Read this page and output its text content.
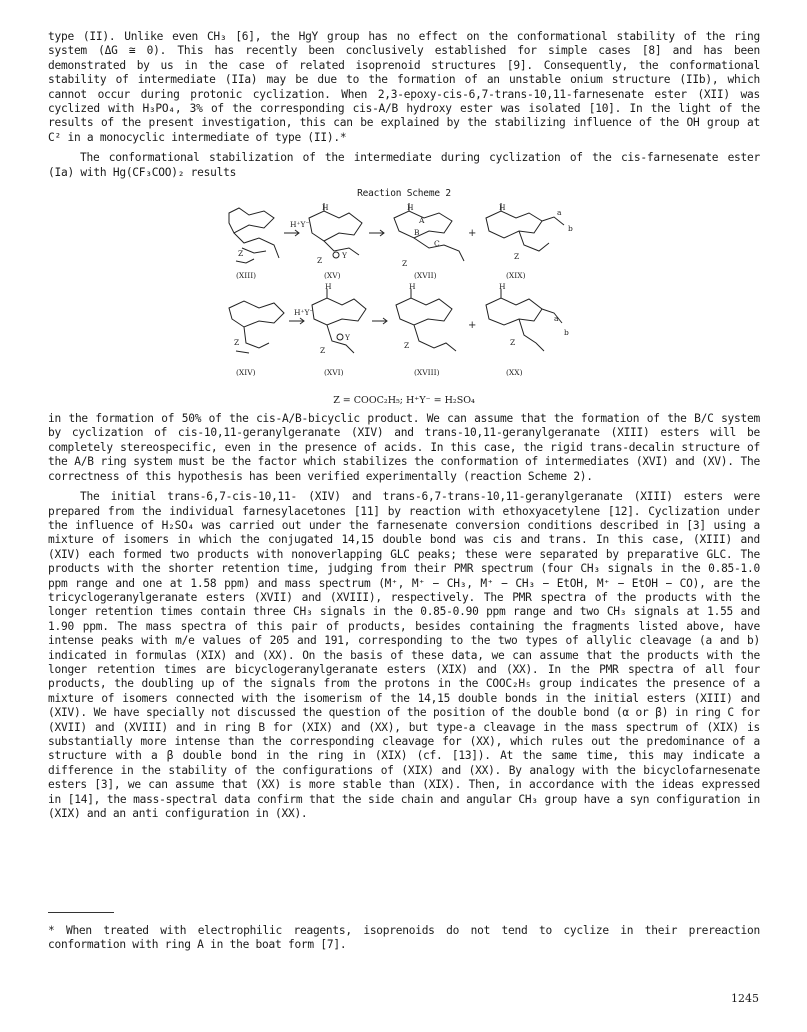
type (II). Unlike even CH₃ [6], the HgY group has no effect on the conformational stability of the ring system (ΔG ≅ 0). This has recently been conclusively established for simple cases [8] and has been demonstrated by us in the case of related isoprenoid structures [9]. Consequently, the conformational stability of intermediate (IIa) may be due to the formation of an unstable onium structure (IIb), which cannot occur during protonic cyclization. When 2,3-epoxy-cis-6,7-trans-10,11-farnesenate ester (XII) was cyclized with H₃PO₄, 3% of the corresponding cis-A/B hydroxy ester was isolated [10]. In the light of the results of the present investigation, this can be explained by the stabilizing influence of the OH group at C² in a monocyclic intermediate of type (II).*

The conformational stabilization of the intermediate during cyclization of the cis-farnesenate ester (Ia) with Hg(CF₃COO)₂ results

Reaction Scheme 2
H⁺Y⁻
H⁺Y⁻
H	H	H
H	H	H
Y
Y
Z
Z	Z
Z
Z
Z
Z	Z
A
B
C
a
b
a
b
+
+
(XIII)	(XV)	(XVII)	(XIX)
(XIV)	(XVI)	(XVIII)	(XX)
Z = COOC₂H₅; H⁺Y⁻ = H₂SO₄

in the formation of 50% of the cis-A/B-bicyclic product. We can assume that the formation of the B/C system by cyclization of cis-10,11-geranylgeranate (XIV) and trans-10,11-geranylgeranate (XIII) esters will be completely stereospecific, even in the presence of acids. In this case, the rigid trans-decalin structure of the A/B ring system must be the factor which stabilizes the conformation of intermediates (XVI) and (XV). The correctness of this hypothesis has been verified experimentally (reaction Scheme 2).

The initial trans-6,7-cis-10,11- (XIV) and trans-6,7-trans-10,11-geranylgeranate (XIII) esters were prepared from the individual farnesylacetones [11] by reaction with ethoxyacetylene [12]. Cyclization under the influence of H₂SO₄ was carried out under the farnesenate conversion conditions described in [3] using a mixture of isomers in which the conjugated 14,15 double bond was cis and trans. In this case, (XIII) and (XIV) each formed two products with nonoverlapping GLC peaks; these were separated by preparative GLC. The products with the shorter retention time, judging from their PMR spectrum (four CH₃ signals in the 0.85-1.0 ppm range and one at 1.58 ppm) and mass spectrum (M⁺, M⁺ − CH₃, M⁺ − CH₃ − EtOH, M⁺ − EtOH − CO), are the tricyclogeranylgeranate esters (XVII) and (XVIII), respectively. The PMR spectra of the products with the longer retention times contain three CH₃ signals in the 0.85-0.90 ppm range and two CH₃ signals at 1.55 and 1.90 ppm. The mass spectra of this pair of products, besides containing the fragments listed above, have intense peaks with m/e values of 205 and 191, corresponding to the two types of allylic cleavage (a and b) indicated in formulas (XIX) and (XX). On the basis of these data, we can assume that the products with the longer retention times are bicyclogeranylgeranate esters (XIX) and (XX). In the PMR spectra of all four products, the doubling up of the signals from the protons in the COOC₂H₅ group indicates the presence of a mixture of isomers connected with the isomerism of the 14,15 double bonds in the initial esters (XIII) and (XIV). We have specially not discussed the question of the position of the double bond (α or β) in ring C for (XVII) and (XVIII) and in ring B for (XIX) and (XX), but type-a cleavage in the mass spectrum of (XIX) is substantially more intense than the corresponding cleavage for (XX), which rules out the predominance of a structure with a β double bond in the ring in (XIX) (cf. [13]). At the same time, this may indicate a difference in the stability of the configurations of (XIX) and (XX). By analogy with the bicyclofarnesenate esters [3], we can assume that (XX) is more stable than (XIX). Then, in accordance with the ideas expressed in [14], the mass-spectral data confirm that the side chain and angular CH₃ group have a syn configuration in (XIX) and an anti configuration in (XX).

* When treated with electrophilic reagents, isoprenoids do not tend to cyclize in their prereaction conformation with ring A in the boat form [7].

1245
